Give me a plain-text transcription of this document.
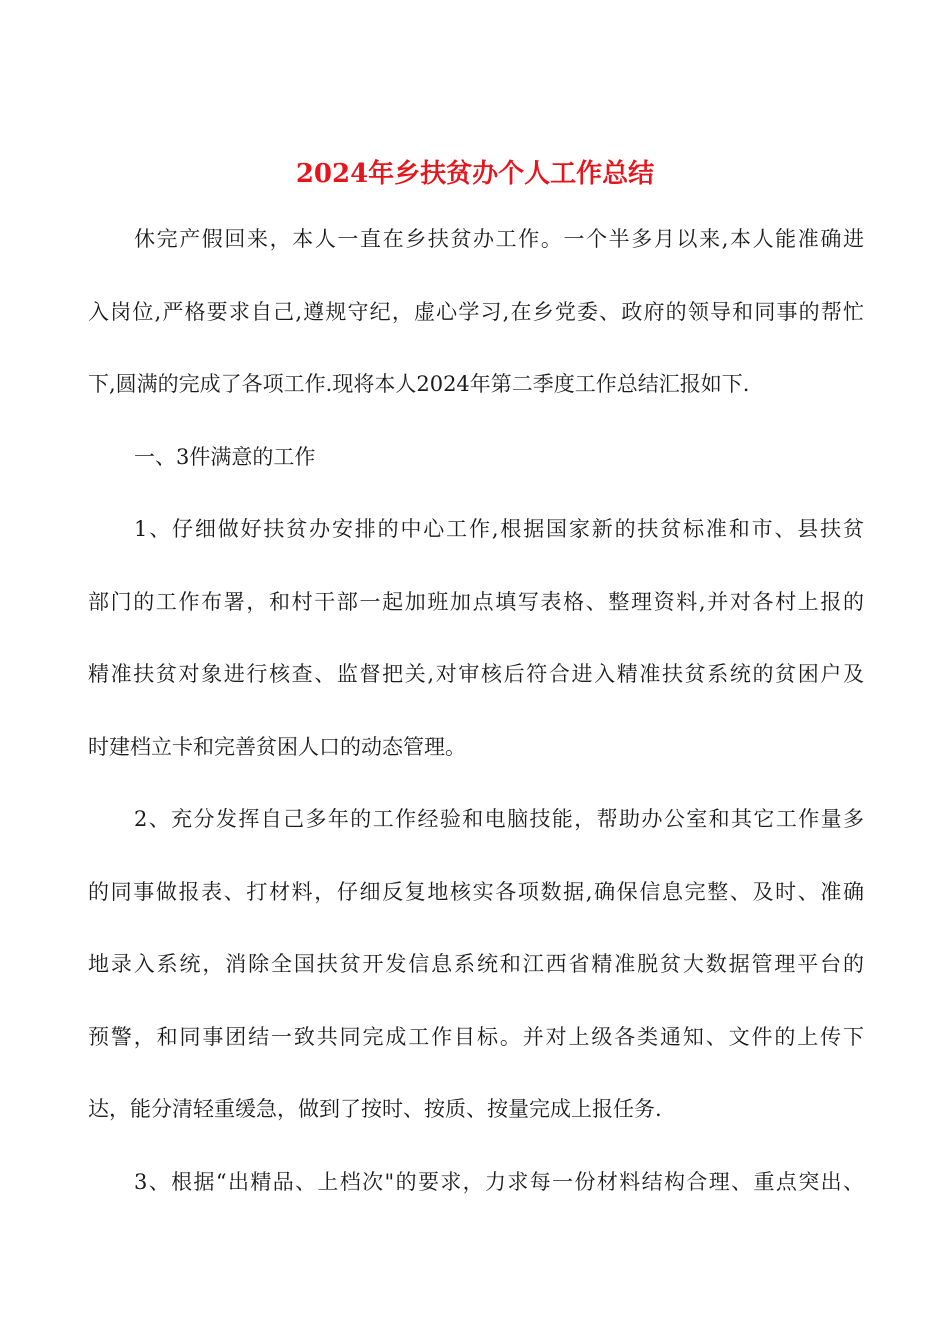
2024年乡扶贫办个人工作总结
休完产假回来，本人一直在乡扶贫办工作。一个半多月以来,本人能准确进
入岗位,严格要求自己,遵规守纪，虚心学习,在乡党委、政府的领导和同事的帮忙
下,圆满的完成了各项工作.现将本人2024年第二季度工作总结汇报如下.
一、3件满意的工作
1、仔细做好扶贫办安排的中心工作,根据国家新的扶贫标准和市、县扶贫
部门的工作布署，和村干部一起加班加点填写表格、整理资料,并对各村上报的
精准扶贫对象进行核查、监督把关,对审核后符合进入精准扶贫系统的贫困户及
时建档立卡和完善贫困人口的动态管理。
2、充分发挥自己多年的工作经验和电脑技能，帮助办公室和其它工作量多
的同事做报表、打材料，仔细反复地核实各项数据,确保信息完整、及时、准确
地录入系统，消除全国扶贫开发信息系统和江西省精准脱贫大数据管理平台的
预警，和同事团结一致共同完成工作目标。并对上级各类通知、文件的上传下
达，能分清轻重缓急，做到了按时、按质、按量完成上报任务.
3、根据“出精品、上档次"的要求，力求每一份材料结构合理、重点突出、
